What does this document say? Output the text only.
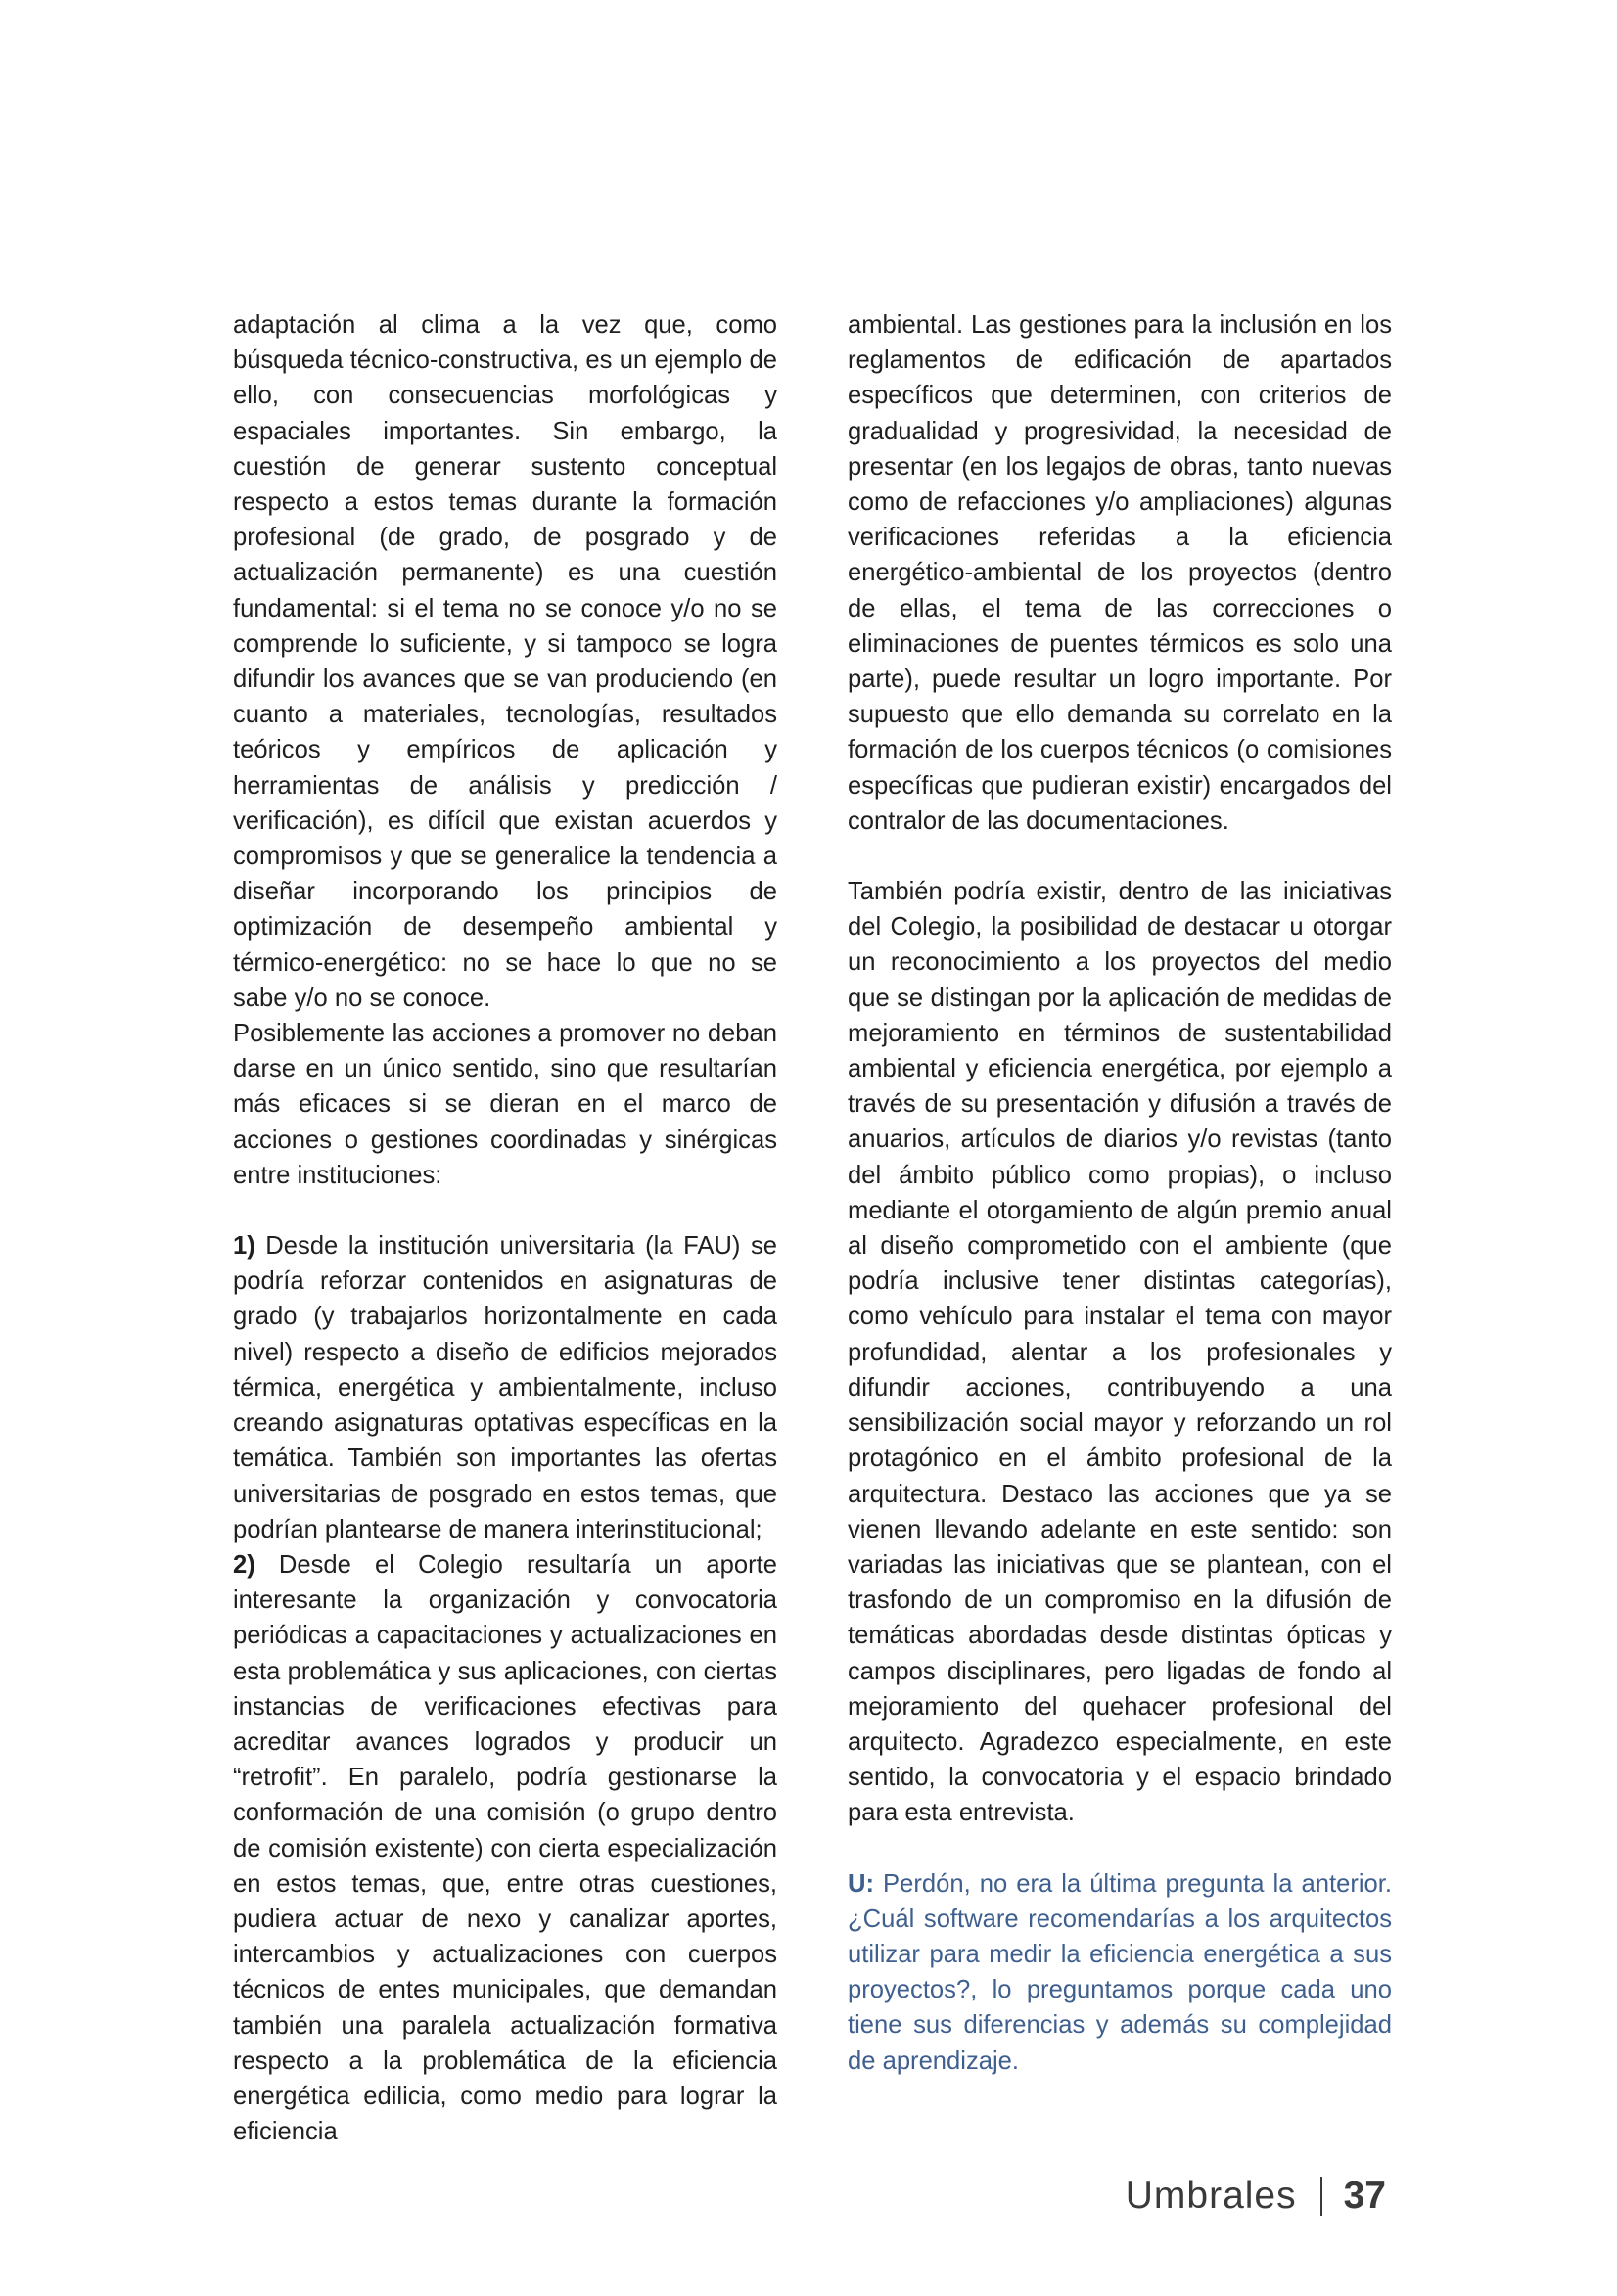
adaptación al clima a la vez que, como búsqueda técnico-constructiva, es un ejemplo de ello, con consecuencias morfológicas y espaciales importantes. Sin embargo, la cuestión de generar sustento conceptual respecto a estos temas durante la formación profesional (de grado, de posgrado y de actualización permanente) es una cuestión fundamental: si el tema no se conoce y/o no se comprende lo suficiente, y si tampoco se logra difundir los avances que se van produciendo (en cuanto a materiales, tecnologías, resultados teóricos y empíricos de aplicación y herramientas de análisis y predicción / verificación), es difícil que existan acuerdos y compromisos y que se generalice la tendencia a diseñar incorporando los principios de optimización de desempeño ambiental y térmico-energético: no se hace lo que no se sabe y/o no se conoce.

Posiblemente las acciones a promover no deban darse en un único sentido, sino que resultarían más eficaces si se dieran en el marco de acciones o gestiones coordinadas y sinérgicas entre instituciones:

1) Desde la institución universitaria (la FAU) se podría reforzar contenidos en asignaturas de grado (y trabajarlos horizontalmente en cada nivel) respecto a diseño de edificios mejorados térmica, energética y ambientalmente, incluso creando asignaturas optativas específicas en la temática. También son importantes las ofertas universitarias de posgrado en estos temas, que podrían plantearse de manera interinstitucional;

2) Desde el Colegio resultaría un aporte interesante la organización y convocatoria periódicas a capacitaciones y actualizaciones en esta problemática y sus aplicaciones, con ciertas instancias de verificaciones efectivas para acreditar avances logrados y producir un “retrofit”. En paralelo, podría gestionarse la conformación de una comisión (o grupo dentro de comisión existente) con cierta especialización en estos temas, que, entre otras cuestiones, pudiera actuar de nexo y canalizar aportes, intercambios y actualizaciones con cuerpos técnicos de entes municipales, que demandan también una paralela actualización formativa respecto a la problemática de la eficiencia energética edilicia, como medio para lograr la eficiencia

ambiental. Las gestiones para la inclusión en los reglamentos de edificación de apartados específicos que determinen, con criterios de gradualidad y progresividad, la necesidad de presentar (en los legajos de obras, tanto nuevas como de refacciones y/o ampliaciones) algunas verificaciones referidas a la eficiencia energético-ambiental de los proyectos (dentro de ellas, el tema de las correcciones o eliminaciones de puentes térmicos es solo una parte), puede resultar un logro importante. Por supuesto que ello demanda su correlato en la formación de los cuerpos técnicos (o comisiones específicas que pudieran existir) encargados del contralor de las documentaciones.

También podría existir, dentro de las iniciativas del Colegio, la posibilidad de destacar u otorgar un reconocimiento a los proyectos del medio que se distingan por la aplicación de medidas de mejoramiento en términos de sustentabilidad ambiental y eficiencia energética, por ejemplo a través de su presentación y difusión a través de anuarios, artículos de diarios y/o revistas (tanto del ámbito público como propias), o incluso mediante el otorgamiento de algún premio anual al diseño comprometido con el ambiente (que podría inclusive tener distintas categorías), como vehículo para instalar el tema con mayor profundidad, alentar a los profesionales y difundir acciones, contribuyendo a una sensibilización social mayor y reforzando un rol protagónico en el ámbito profesional de la arquitectura. Destaco las acciones que ya se vienen llevando adelante en este sentido: son variadas las iniciativas que se plantean, con el trasfondo de un compromiso en la difusión de temáticas abordadas desde distintas ópticas y campos disciplinares, pero ligadas de fondo al mejoramiento del quehacer profesional del arquitecto. Agradezco especialmente, en este sentido, la convocatoria y el espacio brindado para esta entrevista.

U: Perdón, no era la última pregunta la anterior. ¿Cuál software recomendarías a los arquitectos utilizar para medir la eficiencia energética a sus proyectos?, lo preguntamos porque cada uno tiene sus diferencias y además su complejidad de aprendizaje.

Umbrales 37
